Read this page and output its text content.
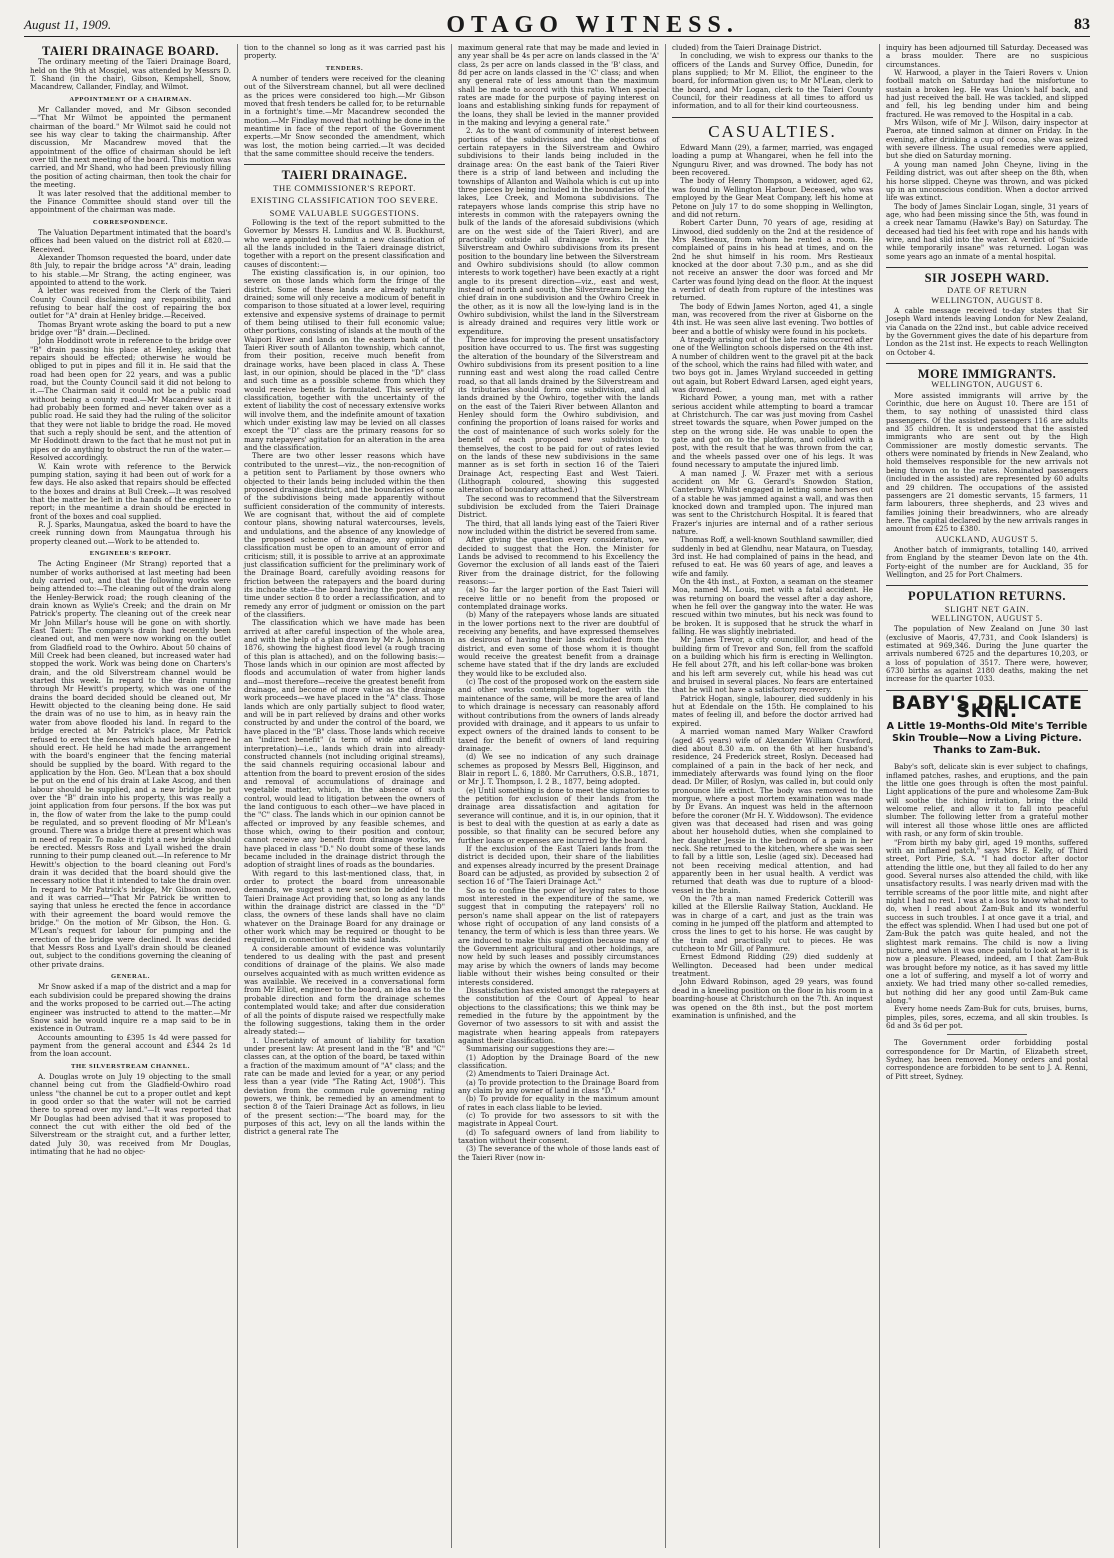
August 11, 1909.	OTAGO WITNESS.	83
TAIERI DRAINAGE BOARD.

The ordinary meeting of the Taieri Drainage Board, held on the 9th at Mosgiel, was attended by Messrs D. T. Shand (in the chair), Gibson, Kempshell, Snow, Macandrew, Callander, Findlay, and Wilmot.

APPOINTMENT OF A CHAIRMAN.

Mr Callander moved, and Mr Gibson seconded—"That Mr Wilmot be appointed the permanent chairman of the board." Mr Wilmot said he could not see his way clear to taking the chairmanship. After discussion, Mr Macandrew moved that the appointment of the office of chairman should be left over till the next meeting of the board. This motion was carried, and Mr Shand, who had been previously filling the position of acting chairman, then took the chair for the meeting.

It was later resolved that the additional member to the Finance Committee should stand over till the appointment of the chairman was made.

CORRESPONDENCE.

The Valuation Department intimated that the board's offices had been valued on the district roll at £820.—Received.

Alexander Thomson requested the board, under date 8th July, to repair the bridge across "A" drain, leading to his stable.—Mr Strang, the acting engineer, was appointed to attend to the work.

A letter was received from the Clerk of the Taieri County Council disclaiming any responsibility, and refusing to bear half the cost of repairing the box outlet for "A" drain at Henley bridge.—Received.

Thomas Bryant wrote asking the board to put a new bridge over "B" drain.—Declined.

John Hoddinott wrote in reference to the bridge over "B" drain passing his place at Henley, asking that repairs should be effected; otherwise he would be obliged to put in pipes and fill it in. He said that the road had been open for 22 years, and was a public road, but the County Council said it did not belong to it.—The Chairman said it could not be a public road without being a county road.—Mr Macandrew said it had probably been formed and never taken over as a public road. He said they had the ruling of the solicitor that they were not liable to bridge the road. He moved that such a reply should be sent, and the attention of Mr Hoddinott drawn to the fact that he must not put in pipes or do anything to obstruct the run of the water.—Resolved accordingly.

W. Kain wrote with reference to the Berwick pumping station, saying it had been out of work for a few days. He also asked that repairs should be effected to the boxes and drains at Bull Creek.—It was resolved that the matter be left in the hands of the engineer to report; in the meantime a drain should be erected in front of the boxes and coal supplied.

R. J. Sparks, Maungatua, asked the board to have the creek running down from Maungatua through his property cleaned out.—Work to be attended to.

ENGINEER'S REPORT.

The Acting Engineer (Mr Strang) reported that a number of works authorised at last meeting had been duly carried out, and that the following works were being attended to:—The cleaning out of the drain along the Henley-Berwick road; the rough cleaning of the drain known as Wylie's Creek; and the drain on Mr Patrick's property. The cleaning out of the creek near Mr John Millar's house will be gone on with shortly. East Taieri: The company's drain had recently been cleaned out, and men were now working on the outlet from Gladfield road to the Owhiro. About 50 chains of Mill Creek had been cleaned, but increased water had stopped the work. Work was being done on Charters's drain, and the old Silverstream channel would be started this week. In regard to the drain running through Mr Hewitt's property, which was one of the drains the board decided should be cleaned out, Mr Hewitt objected to the cleaning being done. He said the drain was of no use to him, as in heavy rain the water from above flooded his land. In regard to the bridge erected at Mr Patrick's place, Mr Patrick refused to erect the fences which had been agreed he should erect. He held he had made the arrangement with the board's engineer that the fencing material should be supplied by the board. With regard to the application by the Hon. Geo. M'Lean that a box should be put on the end of his drain at Lake Ascog, and then labour should be supplied, and a new bridge be put over the "B" drain into his property, this was really a joint application from four persons. If the box was put in, the flow of water from the lake to the pump could be regulated, and so prevent flooding of Mr M'Lean's ground. There was a bridge there at present which was in need of repair. To make it right a new bridge should be erected. Messrs Ross and Lyall wished the drain running to their pump cleaned out.—In reference to Mr Hewitt's objection to the board cleaning out Ford's drain it was decided that the board should give the necessary notice that it intended to take the drain over. In regard to Mr Patrick's bridge, Mr Gibson moved, and it was carried—"That Mr Patrick be written to saying that unless he erected the fence in accordance with their agreement the board would remove the bridge." On the motion of Mr Gibson, the Hon. G. M'Lean's request for labour for pumping and the erection of the bridge were declined. It was decided that Messrs Ross and Lyall's drain should be cleaned out, subject to the conditions governing the cleaning of other private drains.

GENERAL.

Mr Snow asked if a map of the district and a map for each subdivision could be prepared showing the drains and the works proposed to be carried out.—The acting engineer was instructed to attend to the matter.—Mr Snow said he would inquire re a map said to be in existence in Outram.

Accounts amounting to £395 1s 4d were passed for payment from the general account and £344 2s 1d from the loan account.

THE SILVERSTREAM CHANNEL.

A. Douglas wrote on July 19 objecting to the small channel being cut from the Gladfield-Owhiro road unless "the channel be cut to a proper outlet and kept in good order so that the water will not be carried there to spread over my land."—It was reported that Mr Douglas had been advised that it was proposed to connect the cut with either the old bed of the Silverstream or the straight cut, and a further letter, dated July 30, was received from Mr Douglas, intimating that he had no objec-

tion to the channel so long as it was carried past his property.

TENDERS.

A number of tenders were received for the cleaning out of the Silverstream channel, but all were declined as the prices were considered too high.—Mr Gibson moved that fresh tenders be called for, to be returnable in a fortnight's time.—Mr Macandrew seconded the motion.—Mr Findlay moved that nothing be done in the meantime in face of the report of the Government experts.—Mr Snow seconded the amendment, which was lost, the motion being carried.—It was decided that the same committee should receive the tenders.

TAIERI DRAINAGE.
THE COMMISSIONER'S REPORT.
EXISTING CLASSIFICATION TOO SEVERE.
SOME VALUABLE SUGGESTIONS.

Following is the text of the report submitted to the Governor by Messrs H. Lundius and W. B. Buckhurst, who were appointed to submit a new classification of all the lands included in the Taieri drainage district, together with a report on the present classification and causes of discontent:—

The existing classification is, in our opinion, too severe on those lands which form the fringe of the district. Some of these lands are already naturally drained; some will only receive a modicum of benefit in comparison to those situated at a lower level, requiring extensive and expensive systems of drainage to permit of them being utilised to their full economic value; other portions, consisting of islands at the mouth of the Waipori River and lands on the eastern bank of the Taieri River south of Allanton township, which cannot, from their position, receive much benefit from drainage works, have been placed in class A. These last, in our opinion, should be placed in the "D" class and such time as a possible scheme from which they would receive benefit is formulated. This severity of classification, together with the uncertainty of the extent of liability the cost of necessary extensive works will involve them, and the indefinite amount of taxation which under existing law may be levied on all classes except the "D" class are the primary reasons for so many ratepayers' agitation for an alteration in the area and the classification.

There are two other lesser reasons which have contributed to the unrest—viz., the non-recognition of a petition sent to Parliament by those owners who objected to their lands being included within the then proposed drainage district, and the boundaries of some of the subdivisions being made apparently without sufficient consideration of the community of interests. We are cognisant that, without the aid of complete contour plans, showing natural watercourses, levels, and undulations, and the absence of any knowledge of the proposed scheme of drainage, any opinion of classification must be open to an amount of error and criticism; still, it is possible to arrive at an approximate just classification sufficient for the preliminary work of the Drainage Board, carefully avoiding reasons for friction between the ratepayers and the board during its inchoate state—the board having the power at any time under section 8 to order a reclassification, and to remedy any error of judgment or omission on the part of the classifiers.

The classification which we have made has been arrived at after careful inspection of the whole area, and with the help of a plan drawn by Mr A. Johnson in 1876, showing the highest flood level (a rough tracing of this plan is attached), and on the following basis:—Those lands which in our opinion are most affected by floods and accumulation of water from higher lands and—most therefore—receive the greatest benefit from drainage, and become of more value as the drainage work proceeds—we have placed in the "A" class. Those lands which are only partially subject to flood water, and will be in part relieved by drains and other works constructed by and under the control of the board, we have placed in the "B" class. Those lands which receive an "indirect benefit" (a term of wide and difficult interpretation)—i.e., lands which drain into already-constructed channels (not including original streams), the said channels requiring occasional labour and attention from the board to prevent erosion of the sides and removal of accumulations of drainage and vegetable matter, which, in the absence of such control, would lead to litigation between the owners of the land contiguous to each other—we have placed in the "C" class. The lands which in our opinion cannot be affected or improved by any feasible schemes, and those which, owing to their position and contour, cannot receive any benefit from drainage works, we have placed in class "D." No doubt some of these lands became included in the drainage district through the adoption of straight lines of roads as the boundaries.

With regard to this last-mentioned class, that, in order to protect the board from unreasonable demands, we suggest a new section be added to the Taieri Drainage Act providing that, so long as any lands within the drainage district are classed in the "D" class, the owners of these lands shall have no claim whatever on the Drainage Board for any drainage or other work which may be required or thought to be required, in connection with the said lands.

A considerable amount of evidence was voluntarily tendered to us dealing with the past and present conditions of drainage of the plains. We also made ourselves acquainted with as much written evidence as was available. We received in a conversational form from Mr Elliot, engineer to the board, an idea as to the probable direction and form the drainage schemes contemplated would take; and after due consideration of all the points of dispute raised we respectfully make the following suggestions, taking them in the order already stated:—

1. Uncertainty of amount of liability for taxation under present law: At present land in the "B" and "C" classes can, at the option of the board, be taxed within a fraction of the maximum amount of "A" class; and the rate can be made and levied for a year, or any period less than a year (vide "The Rating Act, 1908"). This deviation from the common rule governing rating powers, we think, be remedied by an amendment to section 8 of the Taieri Drainage Act as follows, in lieu of the present section:—"The board may, for the purposes of this act, levy on all the lands within the district a general rate The

maximum general rate that may be made and levied in any year shall be 4s per acre on lands classed in the 'A' class, 2s per acre on lands classed in the 'B' class, and 8d per acre on lands classed in the 'C' class; and when any general rate of less amount than the maximum shall be made to accord with this ratio. When special rates are made for the purpose of paying interest on loans and establishing sinking funds for repayment of the loans, they shall be levied in the manner provided in the making and levying a general rate."

2. As to the want of community of interest between portions of the subdivisions and the objections of certain ratepayers in the Silverstream and Owhiro subdivisions to their lands being included in the drainage area: On the east bank of the Taieri River there is a strip of land between and including the townships of Allanton and Waihola which is cut up into three pieces by being included in the boundaries of the lakes, Lee Creek, and Momona subdivisions. The ratepayers whose lands comprise this strip have no interests in common with the ratepayers owning the bulk of the lands of the aforesaid subdivisions (which are on the west side of the Taieri River), and are practically outside all drainage works. In the Silverstream and Owhiro subdivisions from its present position to the boundary line between the Silverstream and Owhiro subdivisions should (to allow common interests to work together) have been exactly at a right angle to its present direction—viz., east and west, instead of north and south, the Silverstream being the chief drain in one subdivision and the Owhiro Creek in the other, as it is now all the low-lying land is in the Owhiro subdivision, whilst the land in the Silverstream is already drained and requires very little work or expenditure.

Three ideas for improving the present unsatisfactory position have occurred to us. The first was suggesting the alteration of the boundary of the Silverstream and Owhiro subdivisions from its present position to a line running east and west along the road called Centre road, so that all lands drained by the Silverstream and its tributaries should form one subdivision, and all lands drained by the Owhiro, together with the lands on the east of the Taieri River between Allanton and Henley should form the Owhiro subdivision, and confining the proportion of loans raised for works and the cost of maintenance of such works solely for the benefit of each proposed new subdivision to themselves, the cost to be paid for out of rates levied on the lands of these new subdivisions in the same manner as is set forth in section 16 of the Taieri Drainage Act, respecting East and West Taieri. (Lithograph coloured, showing this suggested alteration of boundary attached.)

The second was to recommend that the Silverstream subdivision be excluded from the Taieri Drainage District.

The third, that all lands lying east of the Taieri River now included within the district be severed from same.

After giving the question every consideration, we decided to suggest that the Hon. the Minister for Lands be advised to recommend to his Excellency the Governor the exclusion of all lands east of the Taieri River from the drainage district, for the following reasons:—

(a) So far the larger portion of the East Taieri will receive little or no benefit from the proposed or contemplated drainage works.

(b) Many of the ratepayers whose lands are situated in the lower portions next to the river are doubtful of receiving any benefits, and have expressed themselves as desirous of having their lands excluded from the district, and even some of those whom it is thought would receive the greatest benefit from a drainage scheme have stated that if the dry lands are excluded they would like to be excluded also.

(c) The cost of the proposed work on the eastern side and other works contemplated, together with the maintenance of the same, will be more the area of land to which drainage is necessary can reasonably afford without contributions from the owners of lands already provided with drainage, and it appears to us unfair to expect owners of the drained lands to consent to be taxed for the benefit of owners of land requiring drainage.

(d) We see no indication of any such drainage schemes as proposed by Messrs Bell, Higginson, and Blair in report L. 6, 1880. Mr Carruthers, O.S.B., 1871, or Mr J. T. Thompson, I. 2 B., 1877, being adopted.

(e) Until something is done to meet the signatories to the petition for exclusion of their lands from the drainage area dissatisfaction and agitation for severance will continue, and it is, in our opinion, that it is best to deal with the question at as early a date as possible, so that finality can be secured before any further loans or expenses are incurred by the board.

If the exclusion of the East Taieri lands from the district is decided upon, their share of the liabilities and expenses already incurred by the present Drainage Board can be adjusted, as provided by subsection 2 of section 16 of "The Taieri Drainage Act."

So as to confine the power of levying rates to those most interested in the expenditure of the same, we suggest that in computing the ratepayers' roll no person's name shall appear on the list of ratepayers whose right of occupation of any land consists of a tenancy, the term of which is less than three years. We are induced to make this suggestion because many of the Government agricultural and other holdings, are now held by such leases and possibly circumstances may arise by which the owners of lands may become liable without their wishes being consulted or their interests considered.

Dissatisfaction has existed amongst the ratepayers at the constitution of the Court of Appeal to hear objections to the classifications; this we think may be remedied in the future by the appointment by the Governor of two assessors to sit with and assist the magistrate when hearing appeals from ratepayers against their classification.

Summarising our suggestions they are:—

(1) Adoption by the Drainage Board of the new classification.

(2) Amendments to Taieri Drainage Act.

(a) To provide protection to the Drainage Board from any claim by any owner of land in class "D."

(b) To provide for equality in the maximum amount of rates in each class liable to be levied.

(c) To provide for two assessors to sit with the magistrate in Appeal Court.

(d) To safeguard owners of land from liability to taxation without their consent.

(3) The severance of the whole of those lands east of the Taieri River (now in-

cluded) from the Taieri Drainage District.

In concluding, we wish to express our thanks to the officers of the Lands and Survey Office, Dunedin, for plans supplied; to Mr M. Elliot, the engineer to the board, for information given us; to Mr M'Lean, clerk to the board, and Mr Logan, clerk to the Taieri County Council, for their readiness at all times to afford us information, and to all for their kind courteousness.

CASUALTIES.

Edward Mann (29), a farmer, married, was engaged loading a pump at Whangarei, when he fell into the Ngunguru River, and was drowned. The body has not been recovered.

The body of Henry Thompson, a widower, aged 62, was found in Wellington Harbour. Deceased, who was employed by the Gear Meat Company, left his home at Petone on July 17 to do some shopping in Wellington, and did not return.

Robert Carter Dunn, 70 years of age, residing at Linwood, died suddenly on the 2nd at the residence of Mrs Restieaux, from whom he rented a room. He complained of pains in his head at times, and on the 2nd he shut himself in his room. Mrs Restieaux knocked at the door about 7.30 p.m., and as she did not receive an answer the door was forced and Mr Carter was found lying dead on the floor. At the inquest a verdict of death from rupture of the intestines was returned.

The body of Edwin James Norton, aged 41, a single man, was recovered from the river at Gisborne on the 4th inst. He was seen alive last evening. Two bottles of beer and a bottle of whisky were found in his pockets.

A tragedy arising out of the late rains occurred after one of the Wellington schools dispersed on the 4th inst. A number of children went to the gravel pit at the back of the school, which the rains had filled with water, and two boys got in. James Wryland succeeded in getting out again, but Robert Edward Larsen, aged eight years, was drowned.

Richard Power, a young man, met with a rather serious accident while attempting to board a tramcar at Christchurch. The car was just moving from Cashel street towards the square, when Power jumped on the step on the wrong side. He was unable to open the gate and got on to the platform, and collided with a post, with the result that he was thrown from the car, and the wheels passed over one of his legs. It was found necessary to amputate the injured limb.

A man named J. W. Frazer met with a serious accident on Mr G. Gerard's Snowdon Station, Canterbury. Whilst engaged in letting some horses out of a stable he was jammed against a wall, and was then knocked down and trampled upon. The injured man was sent to the Christchurch Hospital. It is feared that Frazer's injuries are internal and of a rather serious nature.

Thomas Roff, a well-known Southland sawmiller, died suddenly in bed at Glendhu, near Mataura, on Tuesday, 3rd inst. He had complained of pains in the head, and refused to eat. He was 60 years of age, and leaves a wife and family.

On the 4th inst., at Foxton, a seaman on the steamer Moa, named M. Louis, met with a fatal accident. He was returning on board the vessel after a day ashore, when he fell over the gangway into the water. He was rescued within two minutes, but his neck was found to be broken. It is supposed that he struck the wharf in falling. He was slightly inebriated.

Mr James Trevor, a city councillor, and head of the building firm of Trevor and Son, fell from the scaffold on a building which his firm is erecting in Wellington. He fell about 27ft, and his left collar-bone was broken and his left arm severely cut, while his head was cut and bruised in several places. No fears are entertained that he will not have a satisfactory recovery.

Patrick Hogan, single, labourer, died suddenly in his hut at Edendale on the 15th. He complained to his mates of feeling ill, and before the doctor arrived had expired.

A married woman named Mary Walker Crawford (aged 45 years) wife of Alexander William Crawford, died about 8.30 a.m. on the 6th at her husband's residence, 24 Frederick street, Roslyn. Deceased had complained of a pain in the back of her neck, and immediately afterwards was found lying on the floor dead. Dr Miller, of Roslyn, was called in, but could only pronounce life extinct. The body was removed to the morgue, where a post mortem examination was made by Dr Evans. An inquest was held in the afternoon before the coroner (Mr H. Y. Widdowson). The evidence given was that deceased had risen and was going about her household duties, when she complained to her daughter Jessie in the bedroom of a pain in her neck. She returned to the kitchen, where she was seen to fall by a little son, Leslie (aged six). Deceased had not been receiving medical attention, and had apparently been in her usual health. A verdict was returned that death was due to rupture of a blood-vessel in the brain.

On the 7th a man named Frederick Cotterill was killed at the Ellerslie Railway Station, Auckland. He was in charge of a cart, and just as the train was coming in he jumped off the platform and attempted to cross the lines to get to his horse. He was caught by the train and practically cut to pieces. He was cutcheon to Mr Gill, of Panmure.

Ernest Edmond Ridding (29) died suddenly at Wellington. Deceased had been under medical treatment.

John Edward Robinson, aged 29 years, was found dead in a kneeling position on the floor in his room in a boarding-house at Christchurch on the 7th. An inquest was opened on the 8th inst., but the post mortem examination is unfinished, and the

inquiry has been adjourned till Saturday. Deceased was a brass moulder. There are no suspicious circumstances.

W. Harwood, a player in the Taieri Rovers v. Union football match on Saturday had the misfortune to sustain a broken leg. He was Union's half back, and had just received the ball. He was tackled, and slipped and fell, his leg bending under him and being fractured. He was removed to the Hospital in a cab.

Mrs Wilson, wife of Mr J. Wilson, dairy inspector at Paeroa, ate tinned salmon at dinner on Friday. In the evening, after drinking a cup of cocoa, she was seized with severe illness. The usual remedies were applied, but she died on Saturday morning.

A young man named John Cheyne, living in the Feilding district, was out after sheep on the 8th, when his horse slipped. Cheyne was thrown, and was picked up in an unconscious condition. When a doctor arrived life was extinct.

The body of James Sinclair Logan, single, 31 years of age, who had been missing since the 5th, was found in a creek near Tamamu (Hawke's Bay) on Saturday. The deceased had tied his feet with rope and his hands with wire, and had slid into the water. A verdict of "Suicide while temporarily insane" was returned. Logan was some years ago an inmate of a mental hospital.

SIR JOSEPH WARD.
DATE OF RETURN
WELLINGTON, AUGUST 8.

A cable message received to-day states that Sir Joseph Ward intends leaving London for New Zealand, via Canada on the 22nd inst., but cable advice received by the Government gives the date of his departure from London as the 21st inst. He expects to reach Wellington on October 4.

MORE IMMIGRANTS.
WELLINGTON, AUGUST 6.

More assisted immigrants will arrive by the Corinthic, due here on August 10. There are 151 of them, to say nothing of unassisted third class passengers. Of the assisted passengers 116 are adults and 35 children. It is understood that the assisted immigrants who are sent out by the High Commissioner are mostly domestic servants. The others were nominated by friends in New Zealand, who hold themselves responsible for the new arrivals not being thrown on to the rates. Nominated passengers (included in the assisted) are represented by 60 adults and 29 children. The occupations of the assisted passengers are 21 domestic servants, 15 farmers, 11 farm labourers, three shepherds, and 23 wives and families joining their breadwinners, who are already here. The capital declared by the new arrivals ranges in amount from £25 to £380.

AUCKLAND, AUGUST 5.

Another batch of immigrants, totalling 140, arrived from England by the steamer Devon late on the 4th. Forty-eight of the number are for Auckland, 35 for Wellington, and 25 for Port Chalmers.

POPULATION RETURNS.
SLIGHT NET GAIN.
WELLINGTON, AUGUST 5.

The population of New Zealand on June 30 last (exclusive of Maoris, 47,731, and Cook Islanders) is estimated at 969,346. During the June quarter the arrivals numbered 6725 and the departures 10,203, or a loss of population of 3517. There were, however, 6730 births as against 2180 deaths, making the net increase for the quarter 1033.

BABY'S DELICATE SKIN.
A Little 19-Months-Old Mite's Terrible Skin Trouble—Now a Living Picture. Thanks to Zam-Buk.

Baby's soft, delicate skin is ever subject to chafings, inflamed patches, rashes, and eruptions, and the pain the little one goes through is often the most painful. Light applications of the pure and wholesome Zam-Buk will soothe the itching irritation, bring the child welcome relief, and allow it to fall into peaceful slumber. The following letter from a grateful mother will interest all those whose little ones are afflicted with rash, or any form of skin trouble.

"From birth my baby girl, aged 19 months, suffered with an inflamed patch," says Mrs E. Kelly, of Third street, Port Pirie, S.A. "I had doctor after doctor attending the little one, but they all failed to do her any good. Several nurses also attended the child, with like unsatisfactory results. I was nearly driven mad with the terrible screams of the poor little mite, and night after night I had no rest. I was at a loss to know what next to do, when I read about Zam-Buk and its wonderful success in such troubles. I at once gave it a trial, and the effect was splendid. When I had used but one pot of Zam-Buk the patch was quite healed, and not the slightest mark remains. The child is now a living picture, and when it was once painful to look at her it is now a pleasure. Pleased, indeed, am I that Zam-Buk was brought before my notice, as it has saved my little one a lot of suffering, and myself a lot of worry and anxiety. We had tried many other so-called remedies, but nothing did her any good until Zam-Buk came along."

Every home needs Zam-Buk for cuts, bruises, burns, pimples, piles, sores, eczema, and all skin troubles. Is 6d and 3s 6d per pot.

The Government order forbidding postal correspondence for Dr Martin, of Elizabeth street, Sydney, has been removed. Money orders and postal correspondence are forbidden to be sent to J. A. Renni, of Pitt street, Sydney.
